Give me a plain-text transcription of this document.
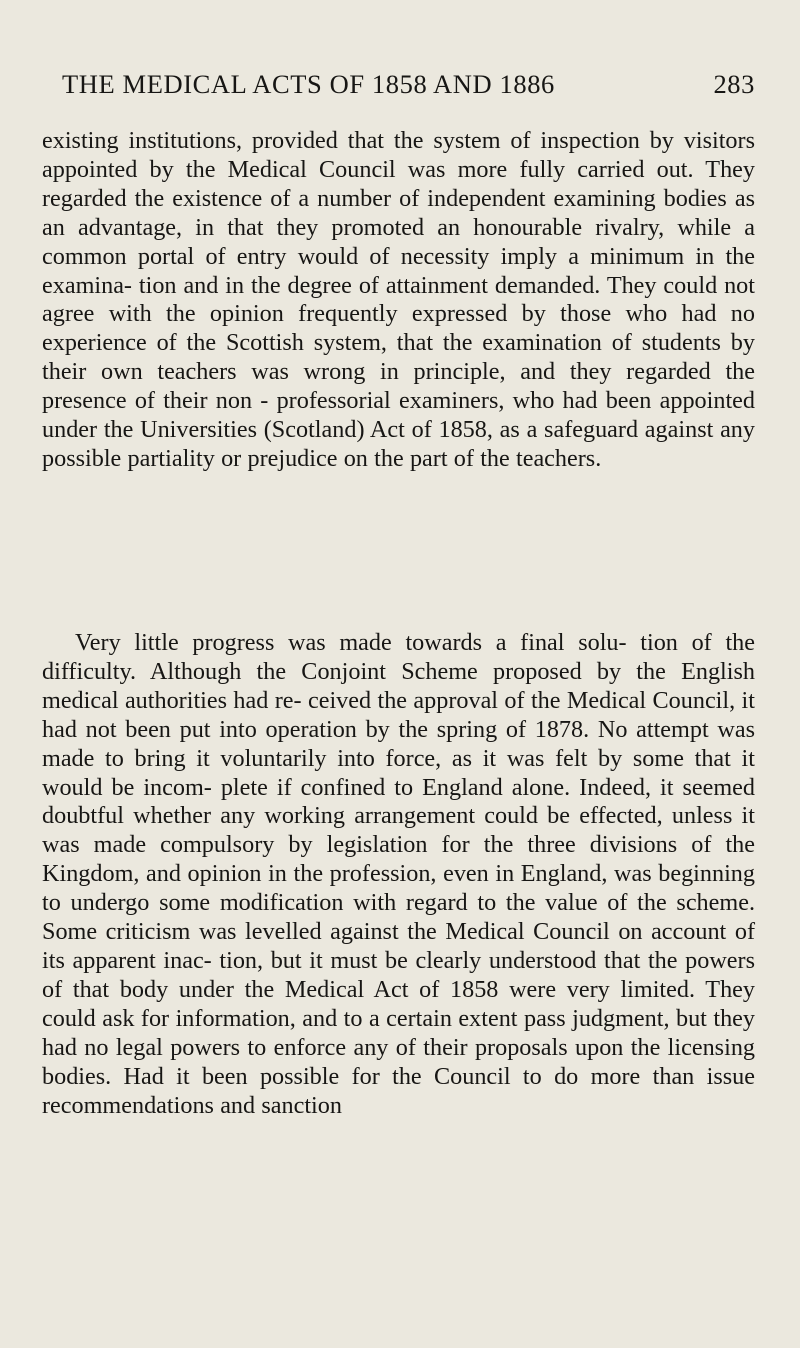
THE MEDICAL ACTS OF 1858 AND 1886	283

existing institutions, provided that the system of inspection by visitors appointed by the Medical Council was more fully carried out. They regarded the existence of a number of independent examining bodies as an advantage, in that they promoted an honourable rivalry, while a common portal of entry would of necessity imply a minimum in the examina- tion and in the degree of attainment demanded. They could not agree with the opinion frequently expressed by those who had no experience of the Scottish system, that the examination of students by their own teachers was wrong in principle, and they regarded the presence of their non - professorial examiners, who had been appointed under the Universities (Scotland) Act of 1858, as a safeguard against any possible partiality or prejudice on the part of the teachers.

Very little progress was made towards a final solu- tion of the difficulty. Although the Conjoint Scheme proposed by the English medical authorities had re- ceived the approval of the Medical Council, it had not been put into operation by the spring of 1878. No attempt was made to bring it voluntarily into force, as it was felt by some that it would be incom- plete if confined to England alone. Indeed, it seemed doubtful whether any working arrangement could be effected, unless it was made compulsory by legislation for the three divisions of the Kingdom, and opinion in the profession, even in England, was beginning to undergo some modification with regard to the value of the scheme. Some criticism was levelled against the Medical Council on account of its apparent inac- tion, but it must be clearly understood that the powers of that body under the Medical Act of 1858 were very limited. They could ask for information, and to a certain extent pass judgment, but they had no legal powers to enforce any of their proposals upon the licensing bodies. Had it been possible for the Council to do more than issue recommendations and sanction
